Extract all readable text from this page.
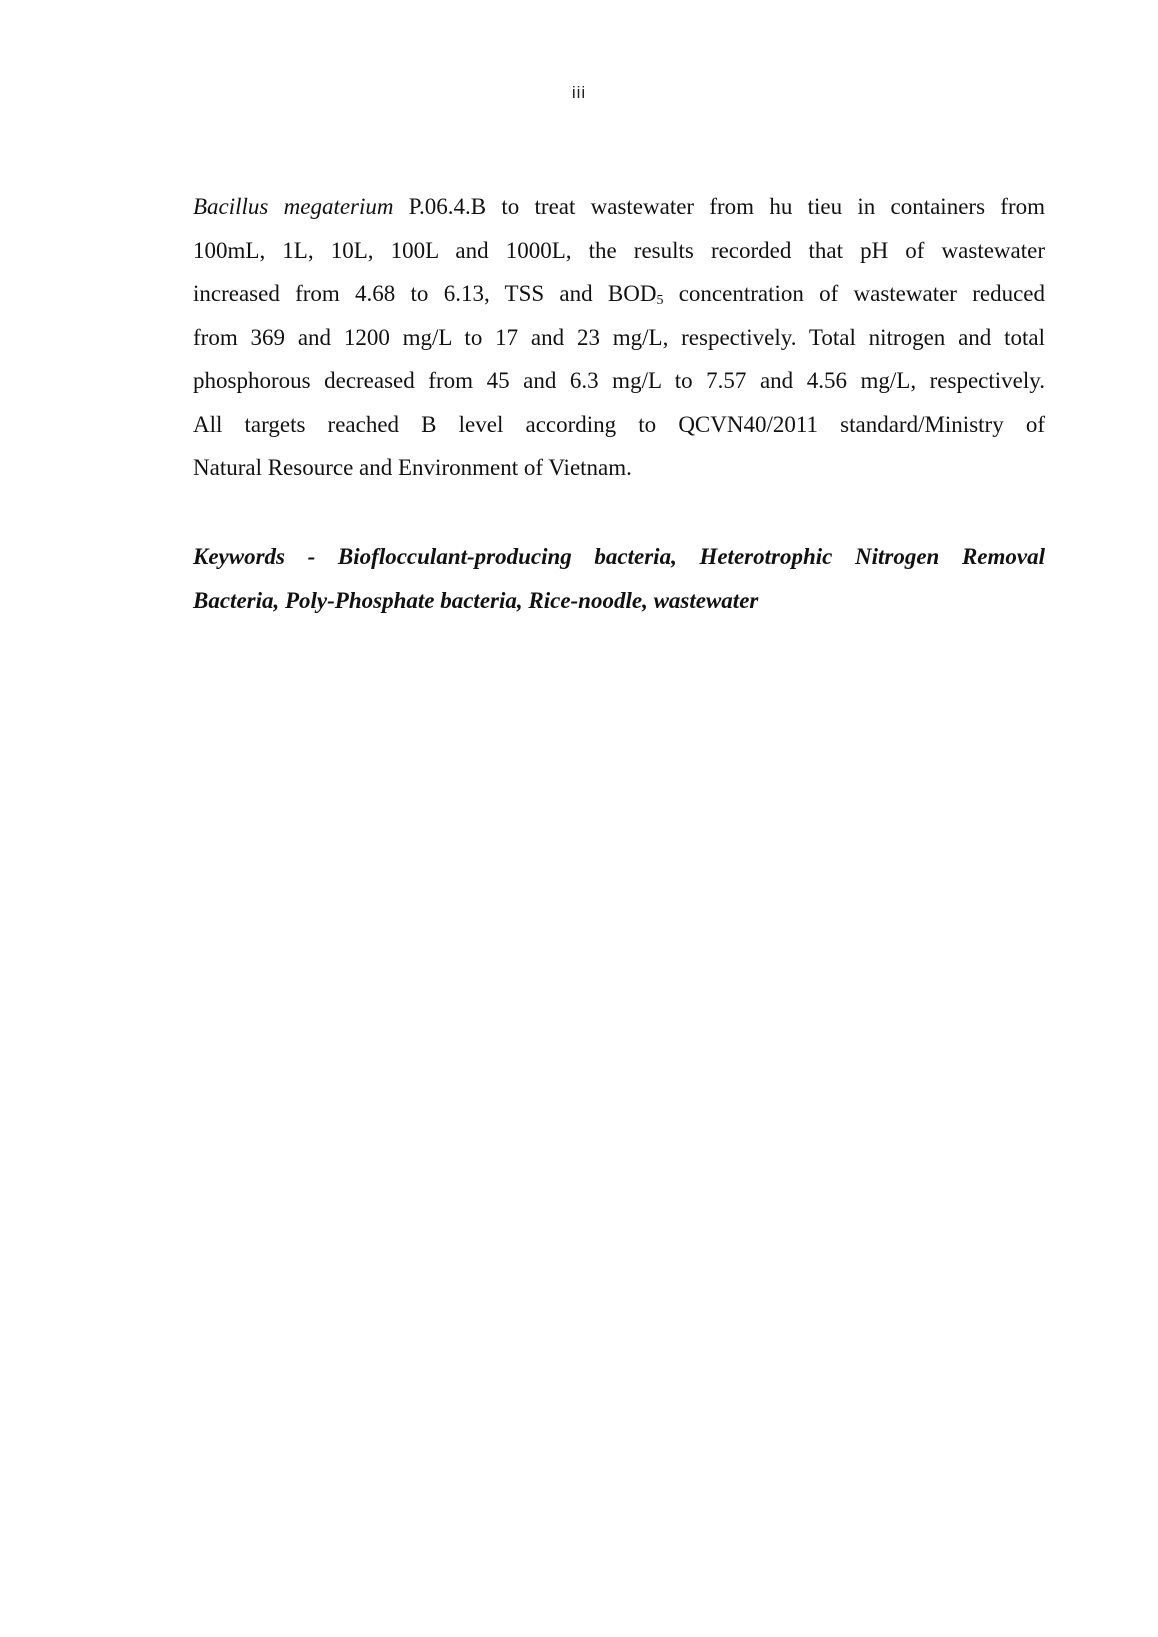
iii

Bacillus megaterium P.06.4.B to treat wastewater from hu tieu in containers from
100mL, 1L, 10L, 100L and 1000L, the results recorded that pH of wastewater
increased from 4.68 to 6.13, TSS and $BOD_5$ concentration of wastewater reduced
from 369 and 1200 mg/L to 17 and 23 mg/L, respectively. Total nitrogen and total
phosphorous decreased from 45 and 6.3 mg/L to 7.57 and 4.56 mg/L, respectively.
All targets reached B level according to QCVN40/2011 standard/Ministry of
Natural Resource and Environment of Vietnam.

Keywords - Bioflocculant-producing bacteria, Heterotrophic Nitrogen Removal
Bacteria, Poly-Phosphate bacteria, Rice-noodle, wastewater
